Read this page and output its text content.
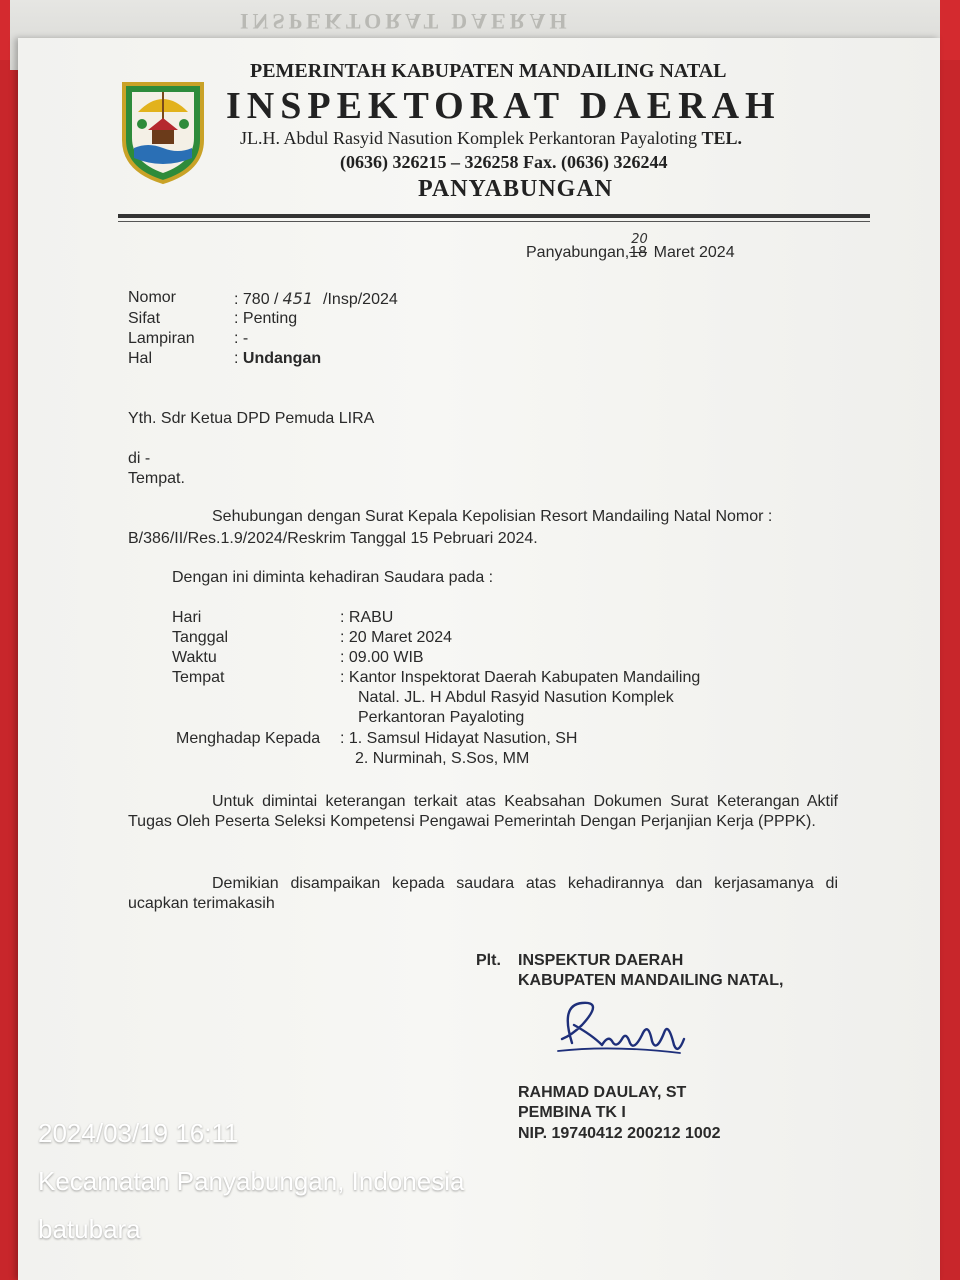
INSPEKTORAT DAERAH
PEMERINTAH KABUPATEN MANDAILING NATAL
INSPEKTORAT DAERAH
JL.H. Abdul Rasyid Nasution Komplek Perkantoran Payaloting TEL.
(0636) 326215 – 326258 Fax. (0636) 326244
PANYABUNGAN
Panyabungan,
20
18 Maret 2024
Nomor	: 780 / 451 /Insp/2024
Sifat	: Penting
Lampiran : -
Hal	: Undangan
Yth. Sdr Ketua DPD Pemuda LIRA
di -
Tempat.
Sehubungan dengan Surat Kepala Kepolisian Resort Mandailing Natal Nomor :
B/386/II/Res.1.9/2024/Reskrim Tanggal 15 Pebruari 2024.
Dengan ini diminta kehadiran Saudara pada :
Hari	: RABU
Tanggal	: 20 Maret 2024
Waktu	: 09.00 WIB
Tempat	: Kantor Inspektorat Daerah Kabupaten Mandailing
Natal. JL. H Abdul Rasyid Nasution Komplek
Perkantoran Payaloting
Menghadap Kepada : 1. Samsul Hidayat Nasution, SH
2. Nurminah, S.Sos, MM
Untuk dimintai keterangan terkait atas Keabsahan Dokumen Surat Keterangan Aktif Tugas Oleh Peserta Seleksi Kompetensi Pengawai Pemerintah Dengan Perjanjian Kerja (PPPK).
Demikian disampaikan kepada saudara atas kehadirannya dan kerjasamanya di ucapkan terimakasih
Plt. INSPEKTUR DAERAH
KABUPATEN MANDAILING NATAL,
RAHMAD DAULAY, ST
PEMBINA TK I
NIP. 19740412 200212 1002
2024/03/19 16:11
Kecamatan Panyabungan, Indonesia
batubara
